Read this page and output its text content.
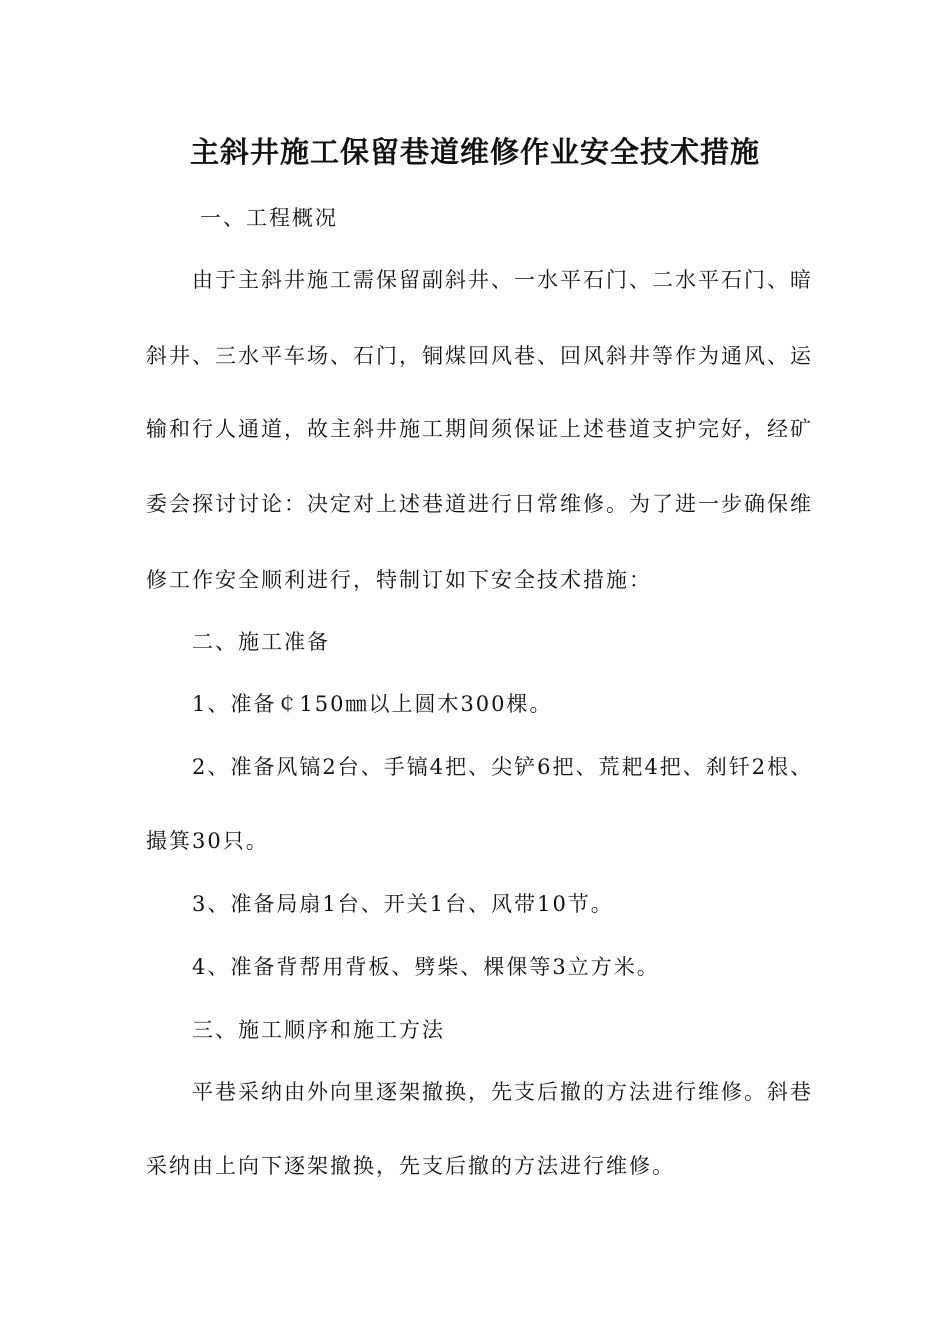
主斜井施工保留巷道维修作业安全技术措施
一、工程概况
由于主斜井施工需保留副斜井、一水平石门、二水平石门、暗
斜井、三水平车场、石门，铜煤回风巷、回风斜井等作为通风、运
输和行人通道，故主斜井施工期间须保证上述巷道支护完好，经矿
委会探讨讨论：决定对上述巷道进行日常维修。为了进一步确保维
修工作安全顺利进行，特制订如下安全技术措施：
二、施工准备
1、准备￠150㎜以上圆木300棵。
2、准备风镐2台、手镐4把、尖铲6把、荒耙4把、刹钎2根、
撮箕30只。
3、准备局扇1台、开关1台、风带10节。
4、准备背帮用背板、劈柴、棵倮等3立方米。
三、施工顺序和施工方法
平巷采纳由外向里逐架撤换，先支后撤的方法进行维修。斜巷
采纳由上向下逐架撤换，先支后撤的方法进行维修。
